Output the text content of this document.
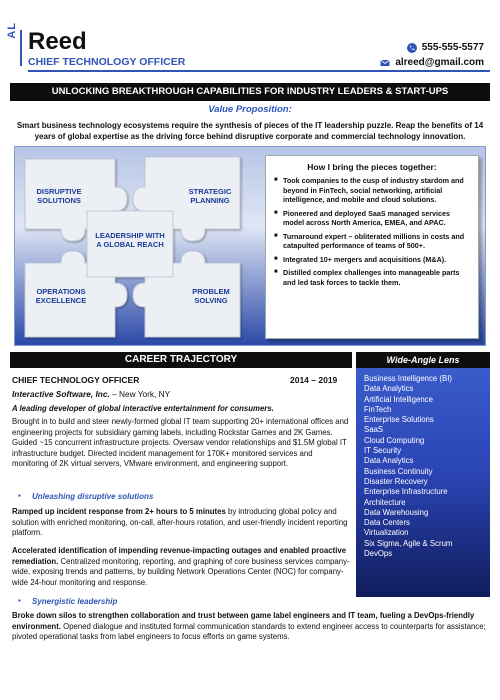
AL Reed
CHIEF TECHNOLOGY OFFICER
555-555-5577
alreed@gmail.com
UNLOCKING BREAKTHROUGH CAPABILITIES FOR INDUSTRY LEADERS & START-UPS
Value Proposition:
Smart business technology ecosystems require the synthesis of pieces of the IT leadership puzzle. Reap the benefits of 14 years of global expertise as the driving force behind disruptive corporate and commercial technology innovation.
DISRUPTIVE SOLUTIONS
STRATEGIC PLANNING
LEADERSHIP WITH A GLOBAL REACH
OPERATIONS EXCELLENCE
PROBLEM SOLVING
How I bring the pieces together:
■ Took companies to the cusp of industry stardom and beyond in FinTech, social networking, artificial intelligence, and mobile and cloud solutions.
■ Pioneered and deployed SaaS managed services model across North America, EMEA, and APAC.
■ Turnaround expert – obliterated millions in costs and catapulted performance of teams of 500+.
■ Integrated 10+ mergers and acquisitions (M&A).
■ Distilled complex challenges into manageable parts and led task forces to tackle them.
CAREER TRAJECTORY	Wide-Angle Lens
Business Intelligence (BI)
Data Analytics
Artificial Intelligence
FinTech
Enterprise Solutions
SaaS
Cloud Computing
IT Security
Data Analytics
Business Continuity
Disaster Recovery
Enterprise Infrastructure Architecture
Data Warehousing
Data Centers
Virtualization
Six Sigma, Agile & Scrum
DevOps
CHIEF TECHNOLOGY OFFICER	2014 – 2019
Interactive Software, Inc. – New York, NY
A leading developer of global interactive entertainment for consumers.
Brought in to build and steer newly-formed global IT team supporting 20+ international offices and engineering projects for subsidiary gaming labels, including Rockstar Games and 2K Games. Guided ~15 concurrent infrastructure projects. Oversaw vendor relationships and $1.5M global IT infrastructure budget. Directed incident management for 170K+ monitored services and monitoring of 2K virtual servers, VMware environment, and engineering support.
▪ Unleashing disruptive solutions
Ramped up incident response from 2+ hours to 5 minutes by introducing global policy and solution with enriched monitoring, on-call, after-hours rotation, and user-friendly incident reporting platform.
Accelerated identification of impending revenue-impacting outages and enabled proactive remediation. Centralized monitoring, reporting, and graphing of core business services company-wide, exposing trends and patterns, by building Network Operations Center (NOC) for company-wide 24-hour monitoring and response.
▪ Synergistic leadership
Broke down silos to strengthen collaboration and trust between game label engineers and IT team, fueling a DevOps-friendly environment. Opened dialogue and instituted formal communication standards to extend engineer access to counterparts for assistance; pivoted operational tasks from label engineers to focus efforts on game systems.
